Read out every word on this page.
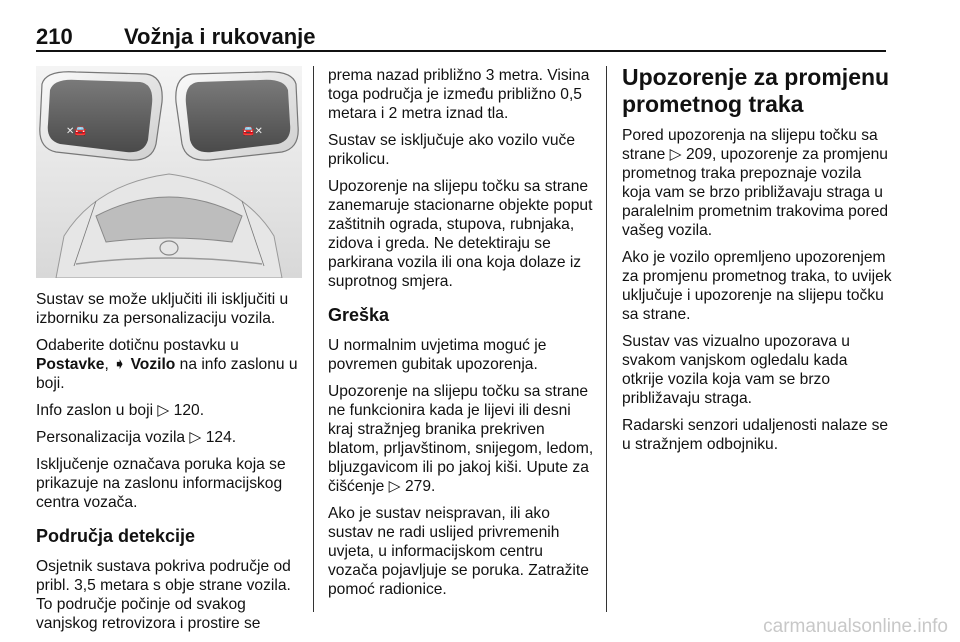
210 Vožnja i rukovanje
✕🚘	🚘✕

Sustav se može uključiti ili isključiti u izborniku za personalizaciju vozila.

Odaberite dotičnu postavku u
Postavke, ➧ Vozilo na info zaslonu u boji.

Info zaslon u boji ▷ 120.

Personalizacija vozila ▷ 124.

Isključenje označava poruka koja se prikazuje na zaslonu informacijskog centra vozača.

Područja detekcije

Osjetnik sustava pokriva područje od pribl. 3,5 metara s obje strane vozila. To područje počinje od svakog vanjskog retrovizora i prostire se

prema nazad približno 3 metra. Visina toga područja je između približno 0,5 metara i 2 metra iznad tla.

Sustav se isključuje ako vozilo vuče prikolicu.

Upozorenje na slijepu točku sa strane zanemaruje stacionarne objekte poput zaštitnih ograda, stupova, rubnjaka, zidova i greda. Ne detektiraju se parkirana vozila ili ona koja dolaze iz suprotnog smjera.

Greška

U normalnim uvjetima moguć je povremen gubitak upozorenja.

Upozorenje na slijepu točku sa strane ne funkcionira kada je lijevi ili desni kraj stražnjeg branika prekriven blatom, prljavštinom, snijegom, ledom, bljuzgavicom ili po jakoj kiši. Upute za čišćenje ▷ 279.

Ako je sustav neispravan, ili ako sustav ne radi uslijed privremenih uvjeta, u informacijskom centru vozača pojavljuje se poruka. Zatražite pomoć radionice.

Upozorenje za promjenu prometnog traka

Pored upozorenja na slijepu točku sa strane ▷ 209, upozorenje za promjenu prometnog traka prepoznaje vozila koja vam se brzo približavaju straga u paralelnim prometnim trakovima pored vašeg vozila.

Ako je vozilo opremljeno upozorenjem za promjenu prometnog traka, to uvijek uključuje i upozorenje na slijepu točku sa strane.

Sustav vas vizualno upozorava u svakom vanjskom ogledalu kada otkrije vozila koja vam se brzo približavaju straga.

Radarski senzori udaljenosti nalaze se u stražnjem odbojniku.

carmanualsonline.info
